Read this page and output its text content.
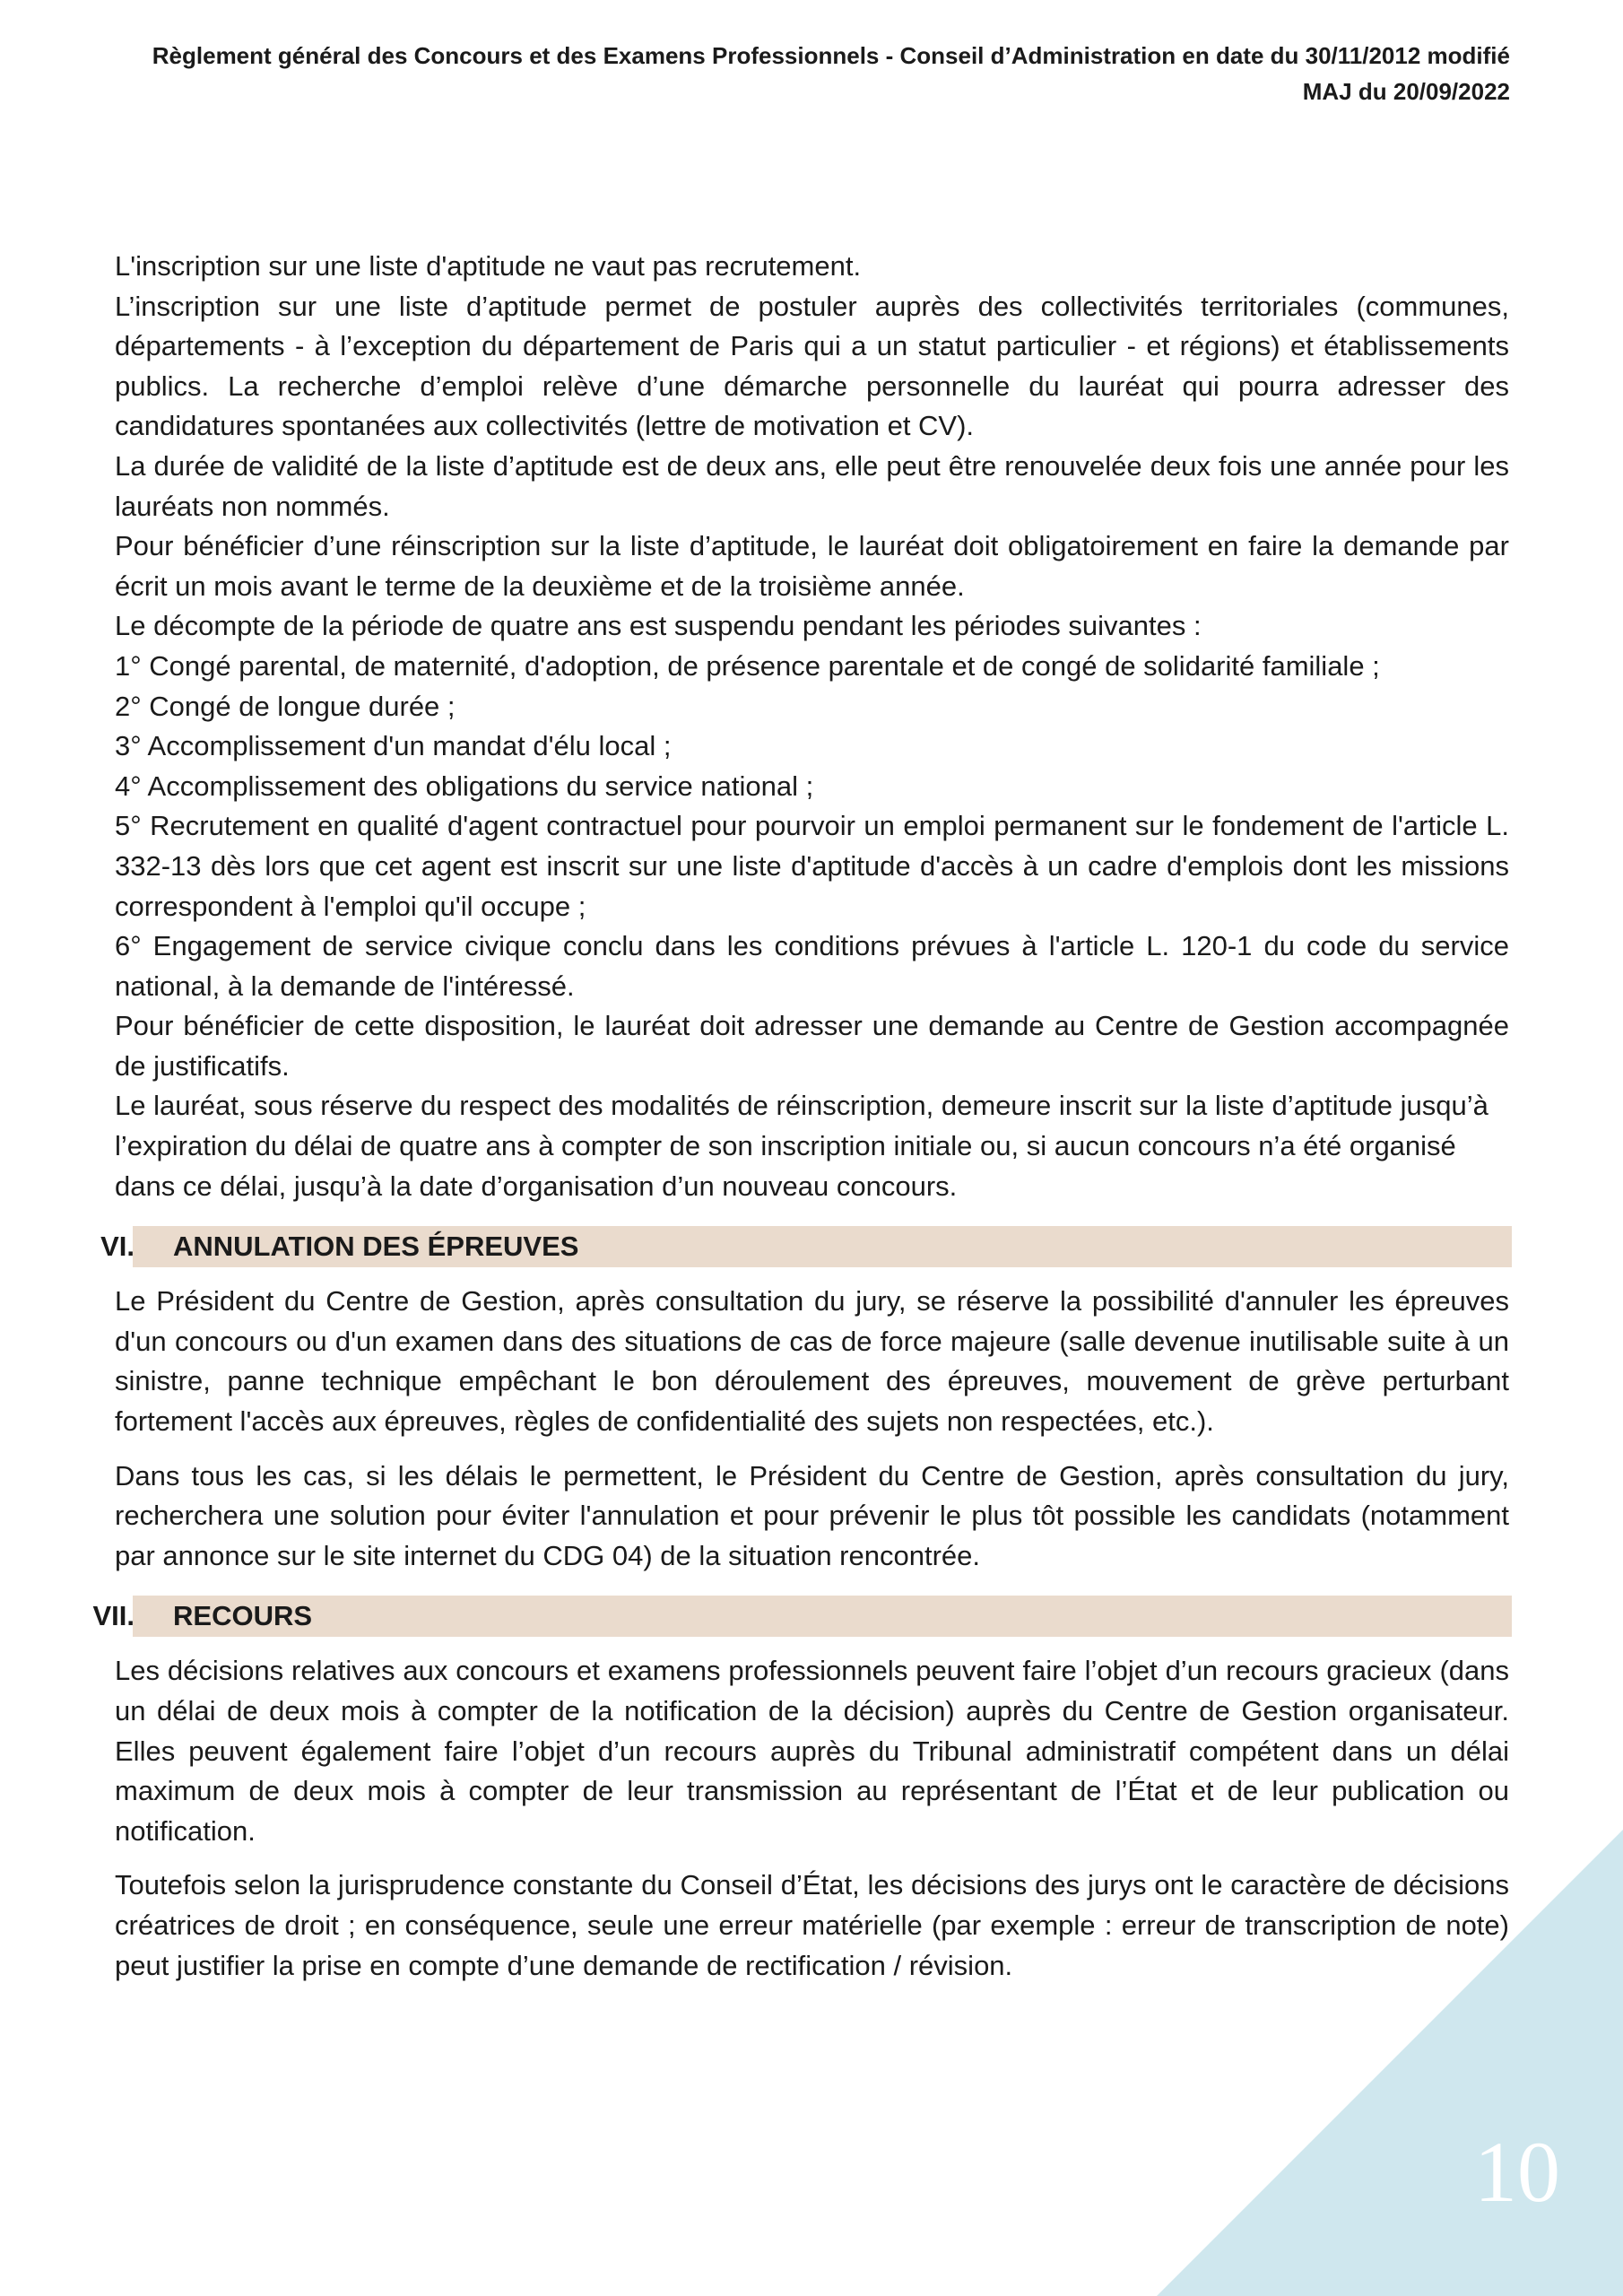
Règlement général des Concours et des Examens Professionnels - Conseil d’Administration en date du 30/11/2012 modifié
MAJ du 20/09/2022

L'inscription sur une liste d'aptitude ne vaut pas recrutement.

L’inscription sur une liste d’aptitude permet de postuler auprès des collectivités territoriales (communes, départements - à l’exception du département de Paris qui a un statut particulier - et régions) et établissements publics. La recherche d’emploi relève d’une démarche personnelle du lauréat qui pourra adresser des candidatures spontanées aux collectivités (lettre de motivation et CV).

La durée de validité de la liste d’aptitude est de deux ans, elle peut être renouvelée deux fois une année pour les lauréats non nommés.

Pour bénéficier d’une réinscription sur la liste d’aptitude, le lauréat doit obligatoirement en faire la demande par écrit un mois avant le terme de la deuxième et de la troisième année.

Le décompte de la période de quatre ans est suspendu pendant les périodes suivantes :

1° Congé parental, de maternité, d'adoption, de présence parentale et de congé de solidarité familiale ;

2° Congé de longue durée ;

3° Accomplissement d'un mandat d'élu local ;

4° Accomplissement des obligations du service national ;

5° Recrutement en qualité d'agent contractuel pour pourvoir un emploi permanent sur le fondement de l'article L. 332-13 dès lors que cet agent est inscrit sur une liste d'aptitude d'accès à un cadre d'emplois dont les missions correspondent à l'emploi qu'il occupe ;

6° Engagement de service civique conclu dans les conditions prévues à l'article L. 120-1 du code du service national, à la demande de l'intéressé.

Pour bénéficier de cette disposition, le lauréat doit adresser une demande au Centre de Gestion accompagnée de justificatifs.

Le lauréat, sous réserve du respect des modalités de réinscription, demeure inscrit sur la liste d’aptitude jusqu’à l’expiration du délai de quatre ans à compter de son inscription initiale ou, si aucun concours n’a été organisé dans ce délai, jusqu’à la date d’organisation d’un nouveau concours.

VI. ANNULATION DES ÉPREUVES

Le Président du Centre de Gestion, après consultation du jury, se réserve la possibilité d'annuler les épreuves d'un concours ou d'un examen dans des situations de cas de force majeure (salle devenue inutilisable suite à un sinistre, panne technique empêchant le bon déroulement des épreuves, mouvement de grève perturbant fortement l'accès aux épreuves, règles de confidentialité des sujets non respectées, etc.).

Dans tous les cas, si les délais le permettent, le Président du Centre de Gestion, après consultation du jury, recherchera une solution pour éviter l'annulation et pour prévenir le plus tôt possible les candidats (notamment par annonce sur le site internet du CDG 04) de la situation rencontrée.

VII. RECOURS

Les décisions relatives aux concours et examens professionnels peuvent faire l’objet d’un recours gracieux (dans un délai de deux mois à compter de la notification de la décision) auprès du Centre de Gestion organisateur. Elles peuvent également faire l’objet d’un recours auprès du Tribunal administratif compétent dans un délai maximum de deux mois à compter de leur transmission au représentant de l’État et de leur publication ou notification.

Toutefois selon la jurisprudence constante du Conseil d’État, les décisions des jurys ont le caractère de décisions créatrices de droit ; en conséquence, seule une erreur matérielle (par exemple : erreur de transcription de note) peut justifier la prise en compte d’une demande de rectification / révision.

10
